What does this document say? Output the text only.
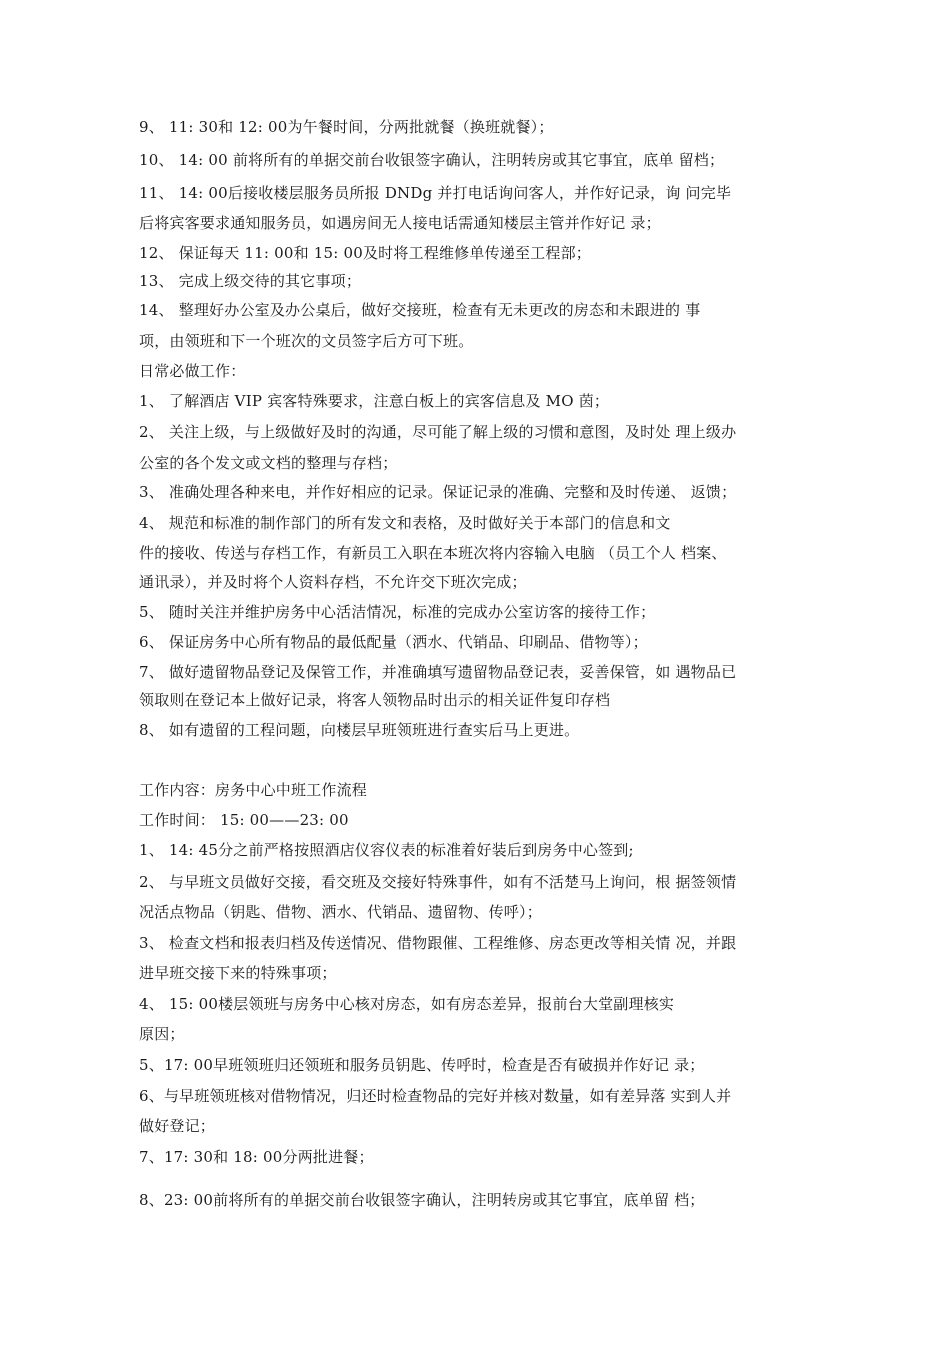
9、 11: 30和 12: 00为午餐时间，分两批就餐（换班就餐）；
10、 14: 00 前将所有的单据交前台收银签字确认，注明转房或其它事宜，底单 留档；
11、 14: 00后接收楼层服务员所报 DNDg 并打电话询问客人，并作好记录，询 问完毕
后将宾客要求通知服务员，如遇房间无人接电话需通知楼层主管并作好记 录；
12、 保证每天 11: 00和 15: 00及时将工程维修单传递至工程部；
13、 完成上级交待的其它事项；
14、 整理好办公室及办公桌后，做好交接班，检查有无未更改的房态和未跟进的 事
项，由领班和下一个班次的文员签字后方可下班。
日常必做工作：
1、 了解酒店 VIP 宾客特殊要求，注意白板上的宾客信息及 MO 茵；
2、 关注上级，与上级做好及时的沟通，尽可能了解上级的习惯和意图，及时处 理上级办
公室的各个发文或文档的整理与存档；
3、 准确处理各种来电，并作好相应的记录。保证记录的准确、完整和及时传递、 返馈；
4、 规范和标准的制作部门的所有发文和表格，及时做好关于本部门的信息和文
件的接收、传送与存档工作，有新员工入职在本班次将内容输入电脑 （员工个人 档案、
通讯录），并及时将个人资料存档，不允许交下班次完成；
5、 随时关注并维护房务中心活洁情况，标准的完成办公室访客的接待工作；
6、 保证房务中心所有物品的最低配量（洒水、代销品、印刷品、借物等）；
7、 做好遗留物品登记及保管工作，并准确填写遗留物品登记表，妥善保管，如 遇物品已
领取则在登记本上做好记录，将客人领物品时出示的相关证件复印存档
8、 如有遗留的工程问题，向楼层早班领班进行查实后马上更进。
工作内容：房务中心中班工作流程
工作时间： 15: 00——23: 00
1、 14: 45分之前严格按照酒店仪容仪表的标准着好装后到房务中心签到;
2、 与早班文员做好交接，看交班及交接好特殊事件，如有不活楚马上询问，根 据签领情
况活点物品（钥匙、借物、洒水、代销品、遗留物、传呼）；
3、 检查文档和报表归档及传送情况、借物跟催、工程维修、房态更改等相关情 况，并跟
进早班交接下来的特殊事项；
4、 15: 00楼层领班与房务中心核对房态，如有房态差异，报前台大堂副理核实
原因；
5、17: 00早班领班归还领班和服务员钥匙、传呼时，检查是否有破损并作好记 录；
6、与早班领班核对借物情况，归还时检查物品的完好并核对数量，如有差异落 实到人并
做好登记；
7、17: 30和 18: 00分两批进餐；
8、23: 00前将所有的单据交前台收银签字确认，注明转房或其它事宜，底单留 档；
